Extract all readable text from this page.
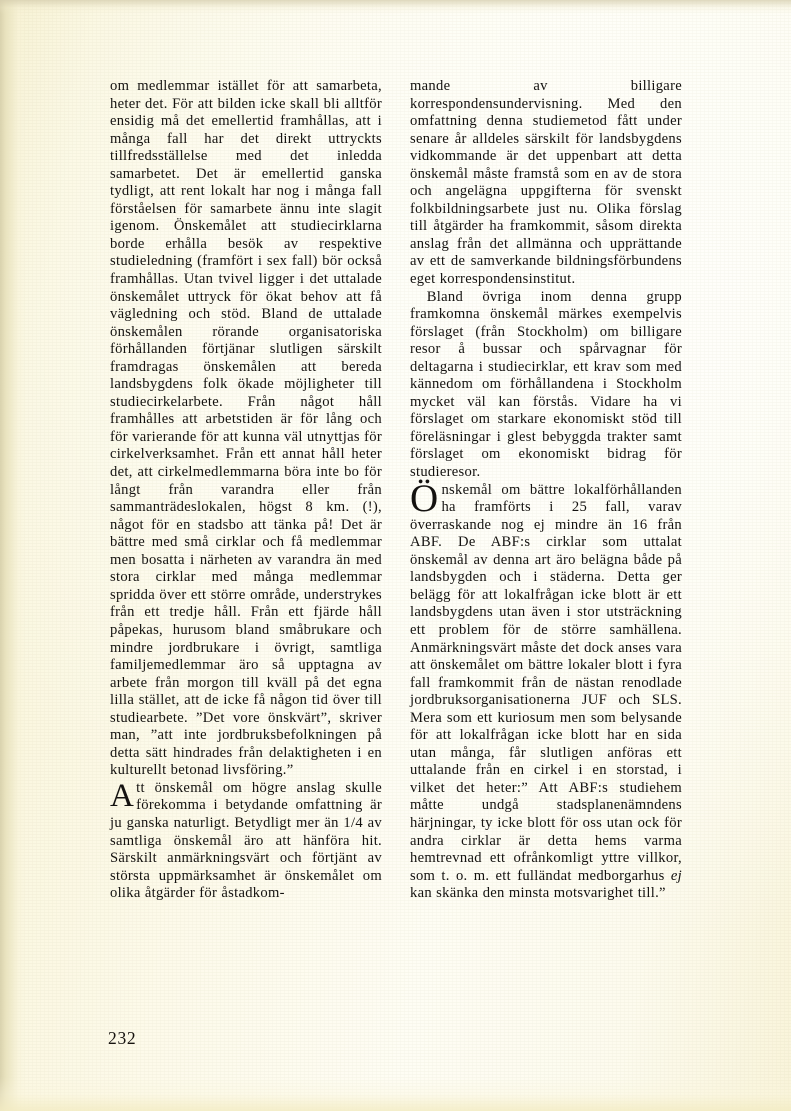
om medlemmar istället för att samarbeta, heter det. För att bilden icke skall bli alltför ensidig må det emellertid framhållas, att i många fall har det direkt uttryckts tillfredsställelse med det inledda samarbetet. Det är emellertid ganska tydligt, att rent lokalt har nog i många fall förståelsen för samarbete ännu inte slagit igenom. Önskemålet att studiecirklarna borde erhålla besök av respektive studieledning (framfört i sex fall) bör också framhållas. Utan tvivel ligger i det uttalade önskemålet uttryck för ökat behov att få vägledning och stöd. Bland de uttalade önskemålen rörande organisatoriska förhållanden förtjänar slutligen särskilt framdragas önskemålen att bereda landsbygdens folk ökade möjligheter till studiecirkelarbete. Från något håll framhålles att arbetstiden är för lång och för varierande för att kunna väl utnyttjas för cirkelverksamhet. Från ett annat håll heter det, att cirkelmedlemmarna böra inte bo för långt från varandra eller från sammanträdeslokalen, högst 8 km. (!), något för en stadsbo att tänka på! Det är bättre med små cirklar och få medlemmar men bosatta i närheten av varandra än med stora cirklar med många medlemmar spridda över ett större område, understrykes från ett tredje håll. Från ett fjärde håll påpekas, hurusom bland småbrukare och mindre jordbrukare i övrigt, samtliga familjemedlemmar äro så upptagna av arbete från morgon till kväll på det egna lilla stället, att de icke få någon tid över till studiearbete. ”Det vore önskvärt”, skriver man, ”att inte jordbruksbefolkningen på detta sätt hindrades från delaktigheten i en kulturellt betonad livsföring.”

Att önskemål om högre anslag skulle förekomma i betydande omfattning är ju ganska naturligt. Betydligt mer än 1/4 av samtliga önskemål äro att hänföra hit. Särskilt anmärkningsvärt och förtjänt av största uppmärksamhet är önskemålet om olika åtgärder för åstadkom-

mande av billigare korrespondensundervisning. Med den omfattning denna studiemetod fått under senare år alldeles särskilt för landsbygdens vidkommande är det uppenbart att detta önskemål måste framstå som en av de stora och angelägna uppgifterna för svenskt folkbildningsarbete just nu. Olika förslag till åtgärder ha framkommit, såsom direkta anslag från det allmänna och upprättande av ett de samverkande bildningsförbundens eget korrespondensinstitut.

Bland övriga inom denna grupp framkomna önskemål märkes exempelvis förslaget (från Stockholm) om billigare resor å bussar och spårvagnar för deltagarna i studiecirklar, ett krav som med kännedom om förhållandena i Stockholm mycket väl kan förstås. Vidare ha vi förslaget om starkare ekonomiskt stöd till föreläsningar i glest bebyggda trakter samt förslaget om ekonomiskt bidrag för studieresor.

Önskemål om bättre lokalförhållanden ha framförts i 25 fall, varav överraskande nog ej mindre än 16 från ABF. De ABF:s cirklar som uttalat önskemål av denna art äro belägna både på landsbygden och i städerna. Detta ger belägg för att lokalfrågan icke blott är ett landsbygdens utan även i stor utsträckning ett problem för de större samhällena. Anmärkningsvärt måste det dock anses vara att önskemålet om bättre lokaler blott i fyra fall framkommit från de nästan renodlade jordbruksorganisationerna JUF och SLS. Mera som ett kuriosum men som belysande för att lokalfrågan icke blott har en sida utan många, får slutligen anföras ett uttalande från en cirkel i en storstad, i vilket det heter:” Att ABF:s studiehem måtte undgå stadsplanenämndens härjningar, ty icke blott för oss utan ock för andra cirklar är detta hems varma hemtrevnad ett ofrånkomligt yttre villkor, som t. o. m. ett fulländat medborgarhus ej kan skänka den minsta motsvarighet till.”

232
